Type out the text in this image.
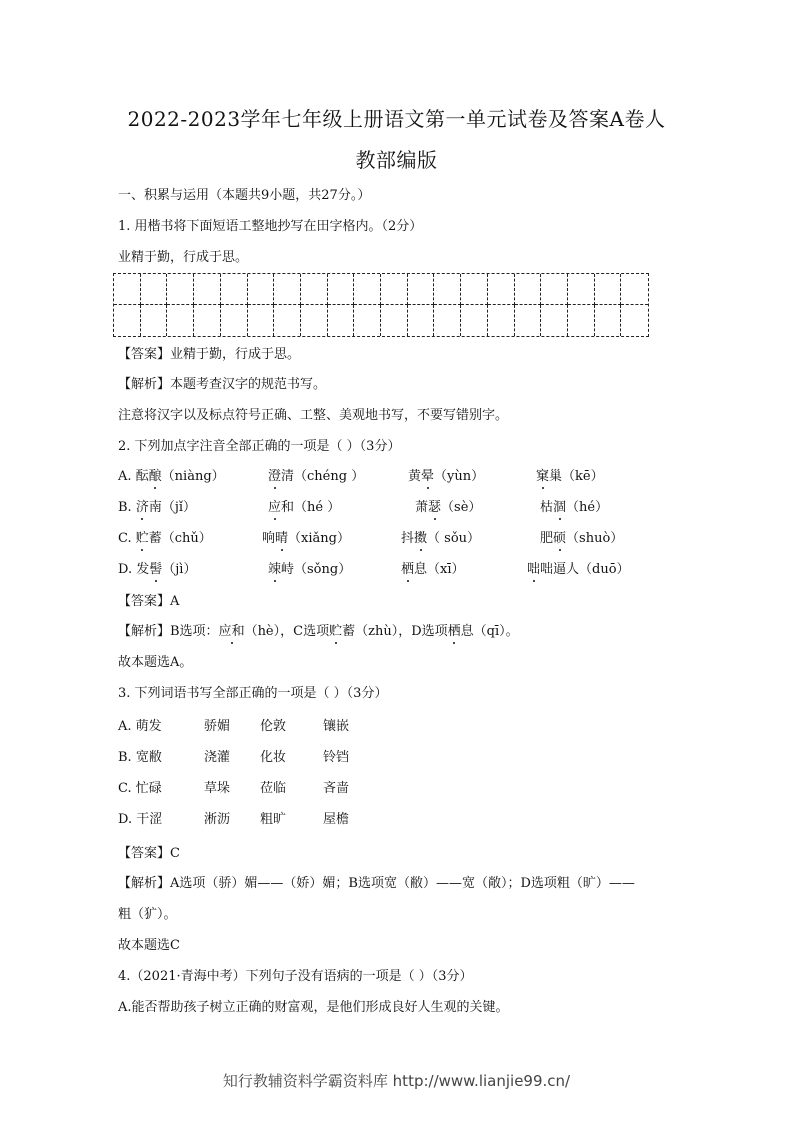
2022-2023学年七年级上册语文第一单元试卷及答案A卷人
教部编版

一、积累与运用（本题共9小题，共27分。）

1. 用楷书将下面短语工整地抄写在田字格内。（2分）

业精于勤，行成于思。

【答案】业精于勤，行成于思。

【解析】本题考查汉字的规范书写。

注意将汉字以及标点符号正确、工整、美观地书写，不要写错别字。

2. 下列加点字注音全部正确的一项是（ ）（3分）

A. 酝酿（niàng）	澄清（chéng ）	黄晕（yùn）	窠巢（kē）
B. 济南（jǐ）	应和（hé ）	萧瑟（sè）	枯涸（hé）
C. 贮蓄（chǔ）	响晴（xiǎng）	抖擞（ sǒu）	肥硕（shuò）
D. 发髻（jì）	竦峙（sǒng）	栖息（xī）	咄咄逼人（duō）

【答案】A

【解析】B选项：应和（hè），C选项贮蓄（zhù），D选项栖息（qī）。

故本题选A。

3. 下列词语书写全部正确的一项是（ ）（3分）

A. 萌发	骄媚 伦敦	镶嵌
B. 宽敝	浇灌 化妆	铃铛
C. 忙碌	草垛 莅临	吝啬
D. 干涩	淅沥 粗旷	屋檐

【答案】C

【解析】A选项（骄）媚——（娇）媚；B选项宽（敝）——宽（敞）；D选项粗（旷）——

粗（犷）。

故本题选C

4.（2021·青海中考）下列句子没有语病的一项是（ ）（3分）

A.能否帮助孩子树立正确的财富观，是他们形成良好人生观的关键。

知行教辅资料学霸资料库 http://www.lianjie99.cn/
